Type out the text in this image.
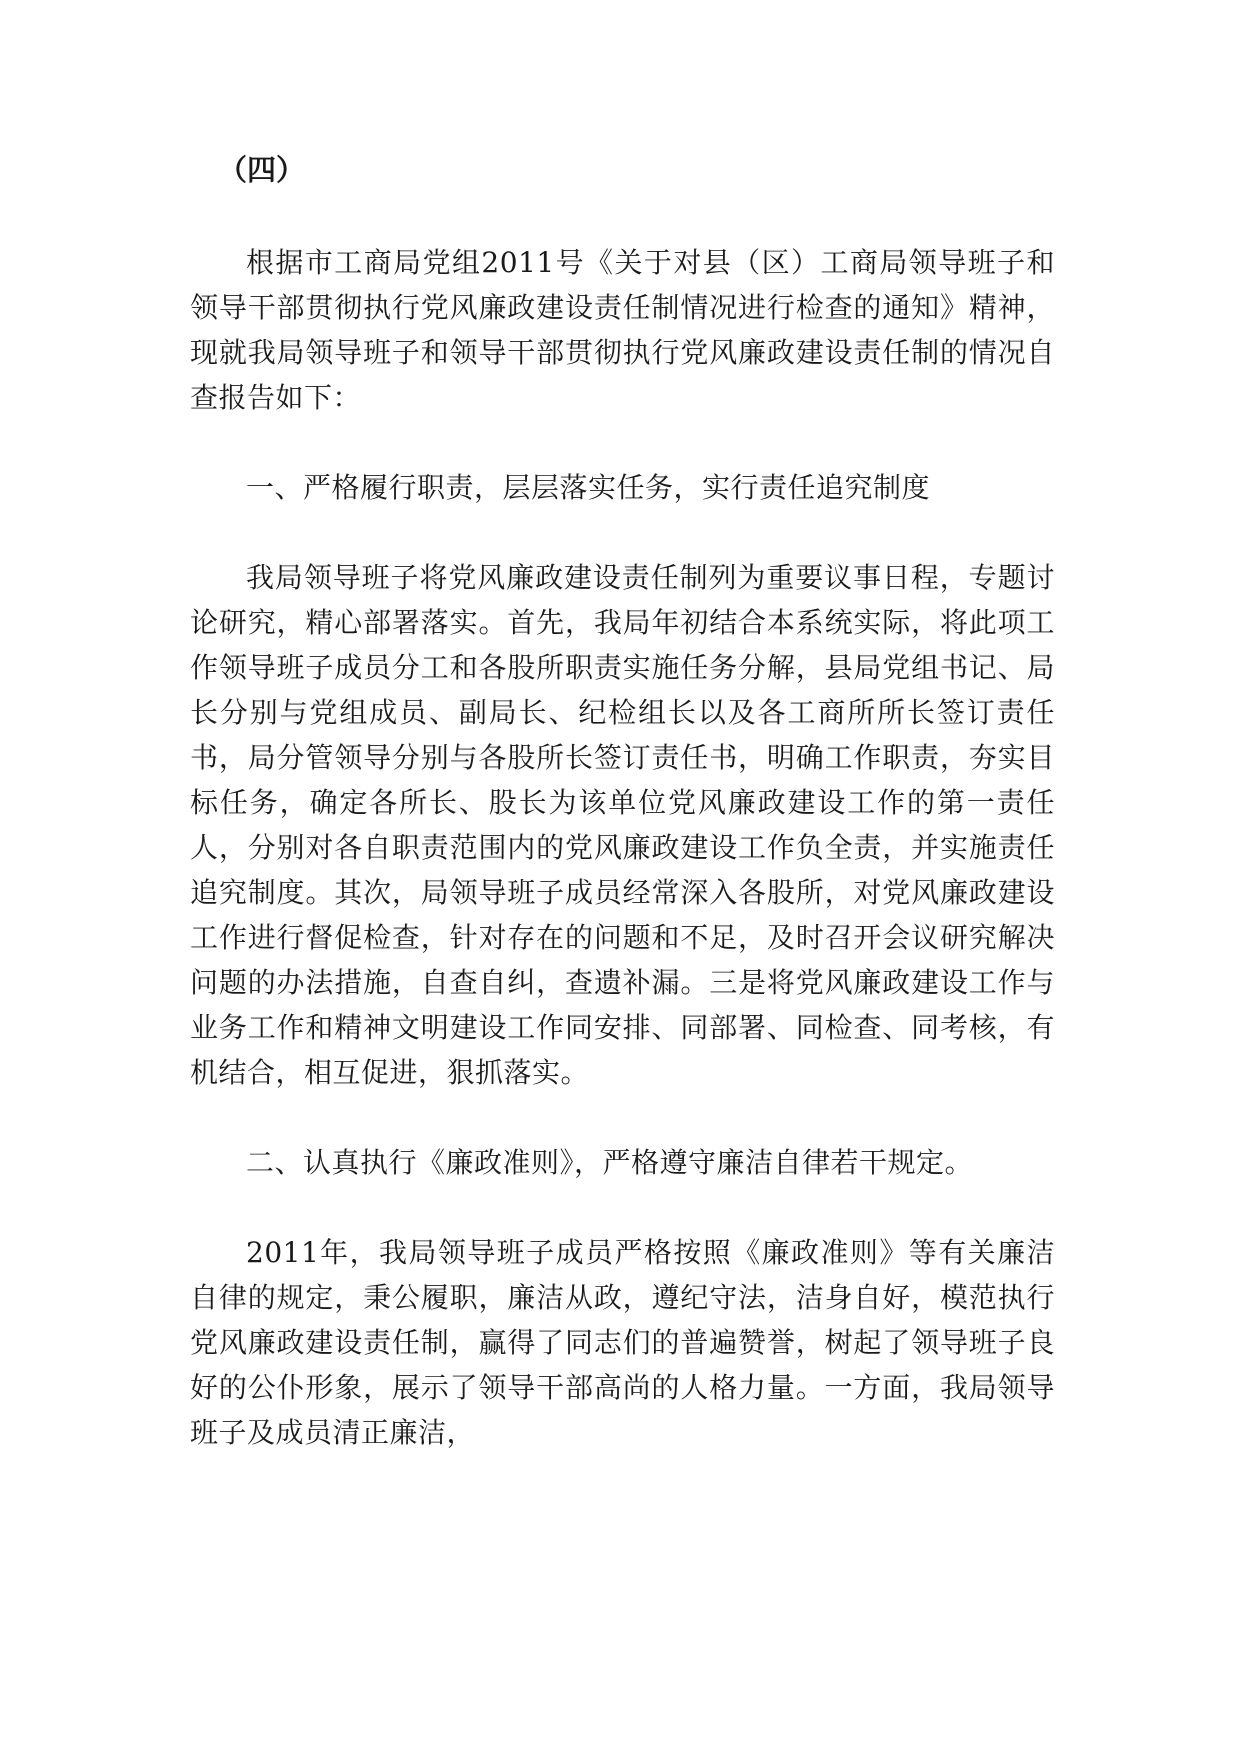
（四）

根据市工商局党组2011号《关于对县（区）工商局领导班子和领导干部贯彻执行党风廉政建设责任制情况进行检查的通知》精神，现就我局领导班子和领导干部贯彻执行党风廉政建设责任制的情况自查报告如下：

一、严格履行职责，层层落实任务，实行责任追究制度

我局领导班子将党风廉政建设责任制列为重要议事日程，专题讨论研究，精心部署落实。首先，我局年初结合本系统实际，将此项工作领导班子成员分工和各股所职责实施任务分解，县局党组书记、局长分别与党组成员、副局长、纪检组长以及各工商所所长签订责任书，局分管领导分别与各股所长签订责任书，明确工作职责，夯实目标任务，确定各所长、股长为该单位党风廉政建设工作的第一责任人，分别对各自职责范围内的党风廉政建设工作负全责，并实施责任追究制度。其次，局领导班子成员经常深入各股所，对党风廉政建设工作进行督促检查，针对存在的问题和不足，及时召开会议研究解决问题的办法措施，自查自纠，查遗补漏。三是将党风廉政建设工作与业务工作和精神文明建设工作同安排、同部署、同检查、同考核，有机结合，相互促进，狠抓落实。

二、认真执行《廉政准则》，严格遵守廉洁自律若干规定。

2011年，我局领导班子成员严格按照《廉政准则》等有关廉洁自律的规定，秉公履职，廉洁从政，遵纪守法，洁身自好，模范执行党风廉政建设责任制，赢得了同志们的普遍赞誉，树起了领导班子良好的公仆形象，展示了领导干部高尚的人格力量。一方面，我局领导班子及成员清正廉洁，
